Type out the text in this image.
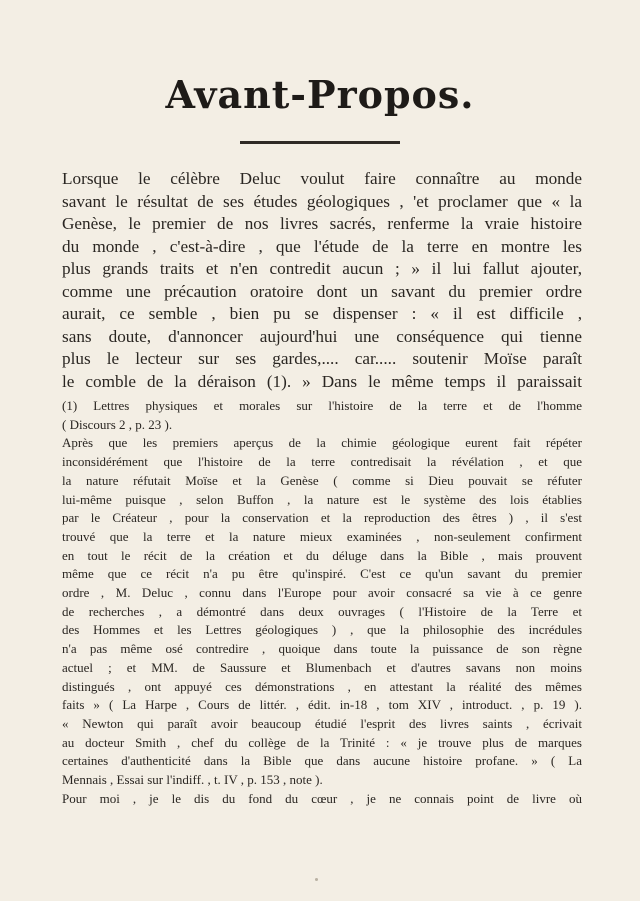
Avant-Propos.
Lorsque le célèbre Deluc voulut faire connaître au monde
savant le résultat de ses études géologiques , 'et proclamer que « la
Genèse, le premier de nos livres sacrés, renferme la vraie histoire
du monde , c'est-à-dire , que l'étude de la terre en montre les
plus grands traits et n'en contredit aucun ; » il lui fallut ajouter,
comme une précaution oratoire dont un savant du premier ordre
aurait, ce semble , bien pu se dispenser : « il est difficile ,
sans doute, d'annoncer aujourd'hui une conséquence qui tienne
plus le lecteur sur ses gardes,.... car..... soutenir Moïse paraît
le comble de la déraison (1). » Dans le même temps il paraissait
(1) Lettres physiques et morales sur l'histoire de la terre et de l'homme
( Discours 2 , p. 23 ).
Après que les premiers aperçus de la chimie géologique eurent fait répéter
inconsidérément que l'histoire de la terre contredisait la révélation , et que
la nature réfutait Moïse et la Genèse ( comme si Dieu pouvait se réfuter
lui-même puisque , selon Buffon , la nature est le système des lois établies
par le Créateur , pour la conservation et la reproduction des êtres ) , il s'est
trouvé que la terre et la nature mieux examinées , non-seulement confirment
en tout le récit de la création et du déluge dans la Bible , mais prouvent
même que ce récit n'a pu être qu'inspiré. C'est ce qu'un savant du premier
ordre , M. Deluc , connu dans l'Europe pour avoir consacré sa vie à ce genre
de recherches , a démontré dans deux ouvrages ( l'Histoire de la Terre et
des Hommes et les Lettres géologiques ) , que la philosophie des incrédules
n'a pas même osé contredire , quoique dans toute la puissance de son règne
actuel ; et MM. de Saussure et Blumenbach et d'autres savans non moins
distingués , ont appuyé ces démonstrations , en attestant la réalité des mêmes
faits » ( La Harpe , Cours de littér. , édit. in-18 , tom XIV , introduct. , p. 19 ).
« Newton qui paraît avoir beaucoup étudié l'esprit des livres saints , écrivait
au docteur Smith , chef du collège de la Trinité : « je trouve plus de marques
certaines d'authenticité dans la Bible que dans aucune histoire profane. » ( La
Mennais , Essai sur l'indiff. , t. IV , p. 153 , note ).
Pour moi , je le dis du fond du cœur , je ne connais point de livre où
